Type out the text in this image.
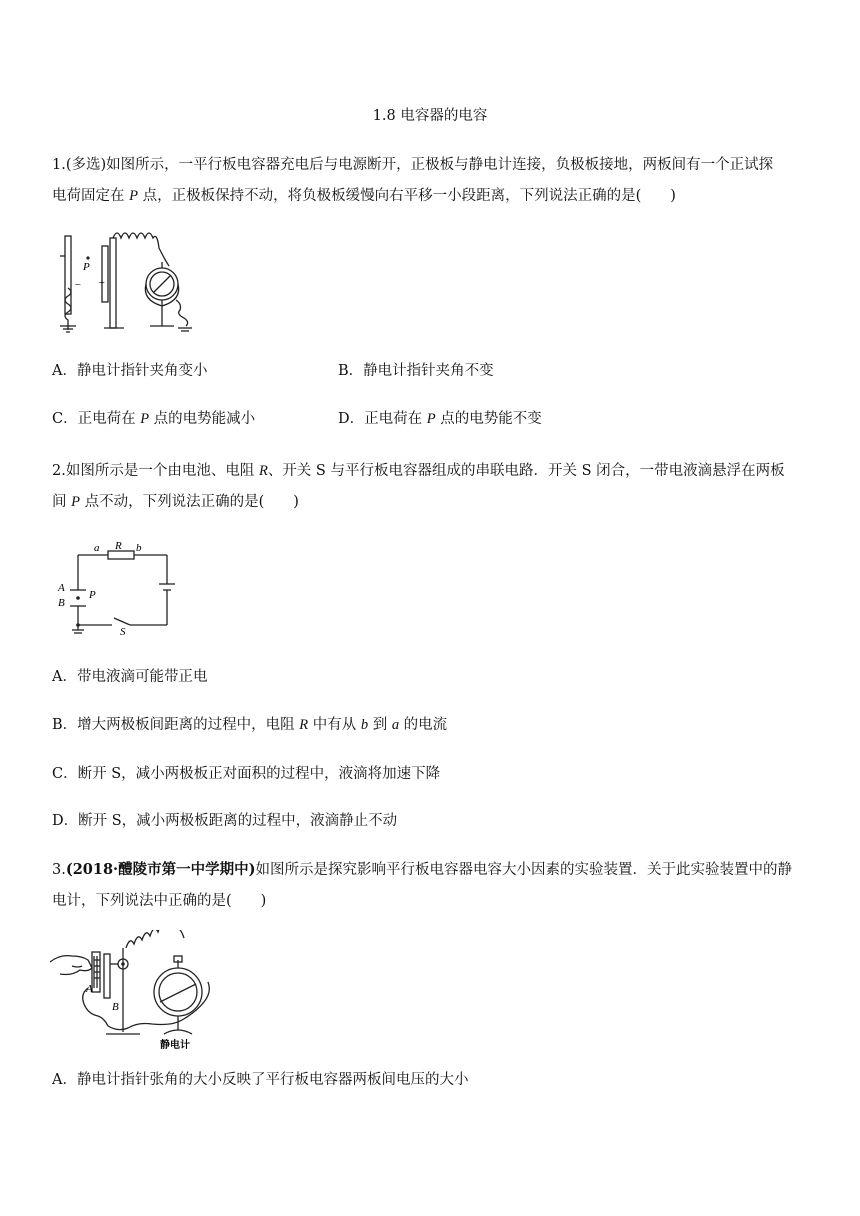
1.8 电容器的电容
1.(多选)如图所示，一平行板电容器充电后与电源断开，正极板与静电计连接，负极板接地，两板间有一个正试探
电荷固定在 P 点，正极板保持不动，将负极板缓慢向右平移一小段距离，下列说法正确的是(　　)
P
− +
A．静电计指针夹角变小	B．静电计指针夹角不变
C．正电荷在 P 点的电势能减小	D．正电荷在 P 点的电势能不变
2.如图所示是一个由电池、电阻 R、开关 S 与平行板电容器组成的串联电路．开关 S 闭合，一带电液滴悬浮在两板
间 P 点不动，下列说法正确的是(　　)
a R b
A
B
P
S
A．带电液滴可能带正电
B．增大两极板间距离的过程中，电阻 R 中有从 b 到 a 的电流
C．断开 S，减小两极板正对面积的过程中，液滴将加速下降
D．断开 S，减小两极板距离的过程中，液滴静止不动
3.(2018·醴陵市第一中学期中)如图所示是探究影响平行板电容器电容大小因素的实验装置．关于此实验装置中的静
电计，下列说法中正确的是(　　)
A
B
静电计
A．静电计指针张角的大小反映了平行板电容器两板间电压的大小
